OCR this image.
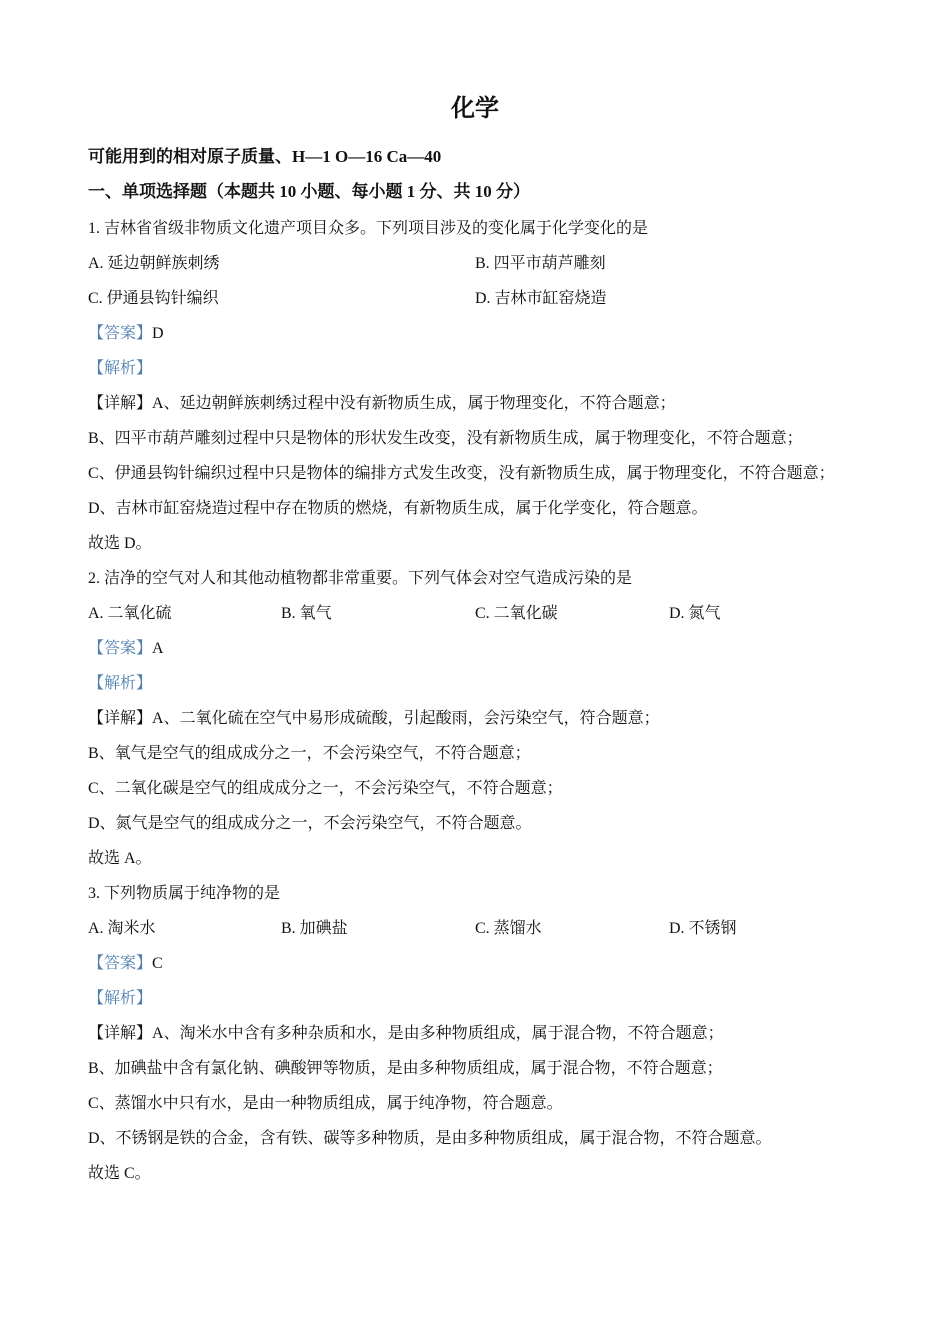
化学
可能用到的相对原子质量、H—1 O—16 Ca—40
一、单项选择题（本题共 10 小题、每小题 1 分、共 10 分）
1. 吉林省省级非物质文化遗产项目众多。下列项目涉及的变化属于化学变化的是
A. 延边朝鲜族刺绣	B. 四平市葫芦雕刻
C. 伊通县钩针编织	D. 吉林市缸窑烧造
【答案】D
【解析】
【详解】A、延边朝鲜族刺绣过程中没有新物质生成，属于物理变化，不符合题意；
B、四平市葫芦雕刻过程中只是物体的形状发生改变，没有新物质生成，属于物理变化，不符合题意；
C、伊通县钩针编织过程中只是物体的编排方式发生改变，没有新物质生成，属于物理变化，不符合题意；
D、吉林市缸窑烧造过程中存在物质的燃烧，有新物质生成，属于化学变化，符合题意。
故选 D。
2. 洁净的空气对人和其他动植物都非常重要。下列气体会对空气造成污染的是
A. 二氧化硫	B. 氧气	C. 二氧化碳	D. 氮气
【答案】A
【解析】
【详解】A、二氧化硫在空气中易形成硫酸，引起酸雨，会污染空气，符合题意；
B、氧气是空气的组成成分之一，不会污染空气，不符合题意；
C、二氧化碳是空气的组成成分之一，不会污染空气，不符合题意；
D、氮气是空气的组成成分之一，不会污染空气，不符合题意。
故选 A。
3. 下列物质属于纯净物的是
A. 淘米水	B. 加碘盐	C. 蒸馏水	D. 不锈钢
【答案】C
【解析】
【详解】A、淘米水中含有多种杂质和水，是由多种物质组成，属于混合物，不符合题意；
B、加碘盐中含有氯化钠、碘酸钾等物质，是由多种物质组成，属于混合物，不符合题意；
C、蒸馏水中只有水，是由一种物质组成，属于纯净物，符合题意。
D、不锈钢是铁的合金，含有铁、碳等多种物质，是由多种物质组成，属于混合物，不符合题意。
故选 C。
